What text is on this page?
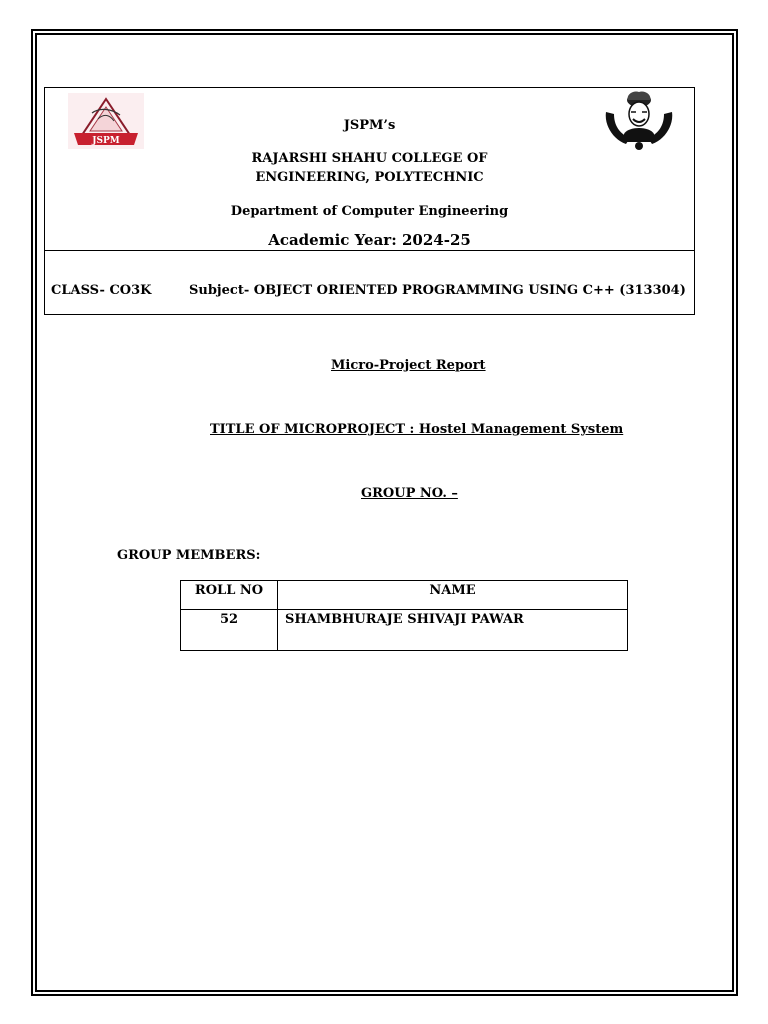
JSPM
JSPM’s
RAJARSHI SHAHU COLLEGE OF
ENGINEERING, POLYTECHNIC
Department of Computer Engineering
Academic Year: 2024-25
CLASS- CO3K	Subject- OBJECT ORIENTED PROGRAMMING USING C++ (313304)
Micro-Project Report
TITLE OF MICROPROJECT : Hostel Management System
GROUP NO. –
GROUP MEMBERS:
ROLL NO	NAME
52	SHAMBHURAJE SHIVAJI PAWAR
